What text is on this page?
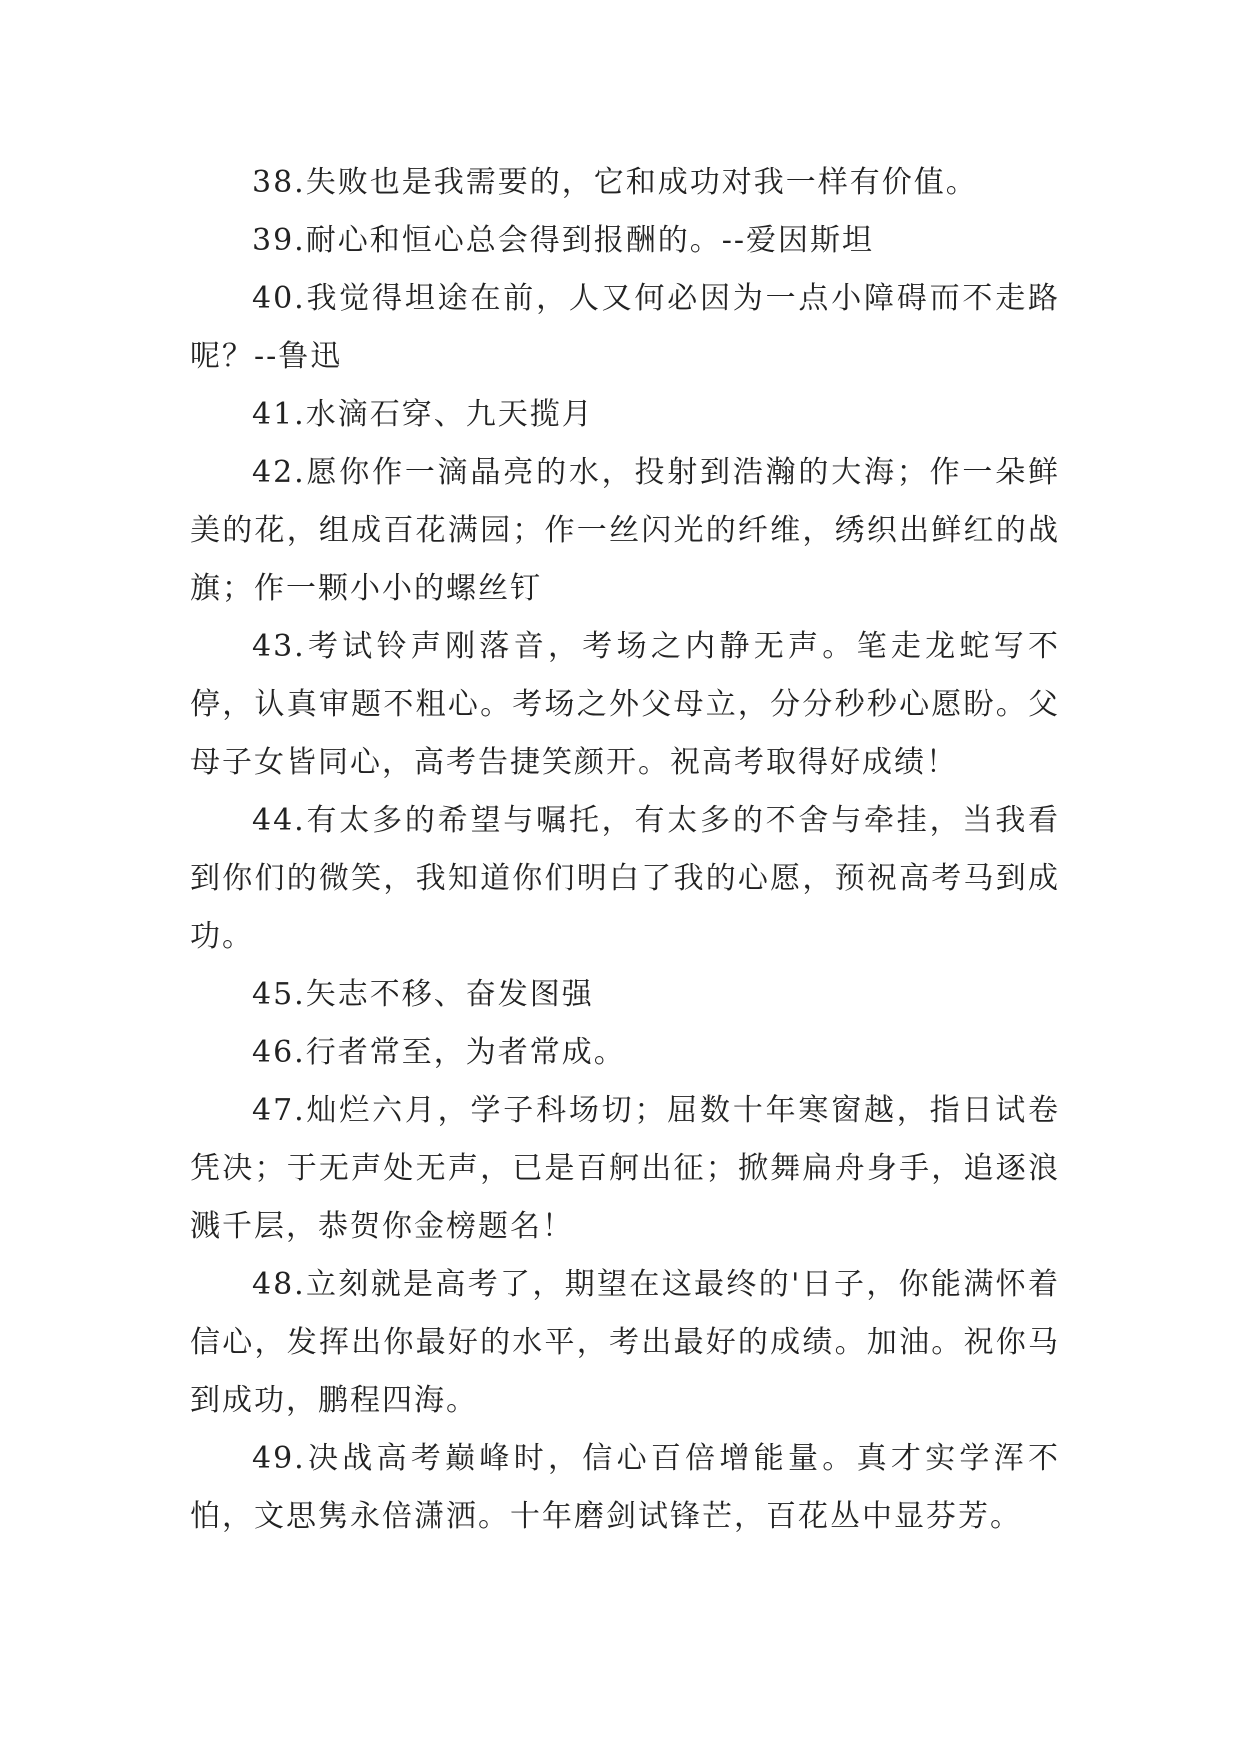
38.失败也是我需要的，它和成功对我一样有价值。

39.耐心和恒心总会得到报酬的。--爱因斯坦

40.我觉得坦途在前，人又何必因为一点小障碍而不走路呢？--鲁迅

41.水滴石穿、九天揽月

42.愿你作一滴晶亮的水，投射到浩瀚的大海；作一朵鲜美的花，组成百花满园；作一丝闪光的纤维，绣织出鲜红的战旗；作一颗小小的螺丝钉

43.考试铃声刚落音，考场之内静无声。笔走龙蛇写不停，认真审题不粗心。考场之外父母立，分分秒秒心愿盼。父母子女皆同心，高考告捷笑颜开。祝高考取得好成绩！

44.有太多的希望与嘱托，有太多的不舍与牵挂，当我看到你们的微笑，我知道你们明白了我的心愿，预祝高考马到成功。

45.矢志不移、奋发图强

46.行者常至，为者常成。

47.灿烂六月，学子科场切；屈数十年寒窗越，指日试卷凭决；于无声处无声，已是百舸出征；掀舞扁舟身手，追逐浪溅千层，恭贺你金榜题名！

48.立刻就是高考了，期望在这最终的'日子，你能满怀着信心，发挥出你最好的水平，考出最好的成绩。加油。祝你马到成功，鹏程四海。

49.决战高考巅峰时，信心百倍增能量。真才实学浑不怕，文思隽永倍潇洒。十年磨剑试锋芒，百花丛中显芬芳。
